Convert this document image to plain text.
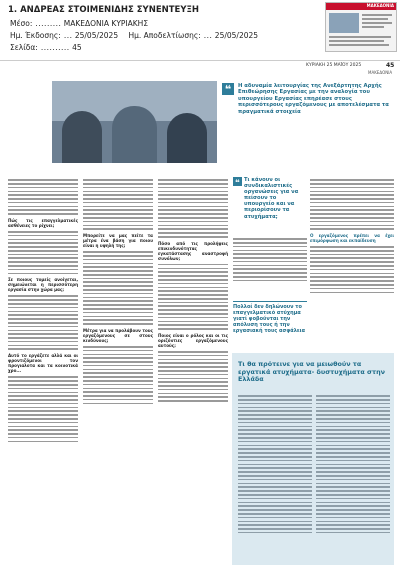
1. ΑΝΔΡΕΑΣ ΣΤΟΙΜΕΝΙΔΗΣ ΣΥΝΕΝΤΕΥΞΗ
Μέσο: ......... ΜΑΚΕΔΟΝΙΑ ΚΥΡΙΑΚΗΣ
Ημ. Έκδοσης: ... 25/05/2025 Ημ. Αποδελτίωσης: ... 25/05/2025
Σελίδα: .......... 45
ΜΑΚΕΔΟΝΙΑ
ΚΥΡΙΑΚΗ 25 ΜΑΪΟΥ 2025	45
ΜΑΚΕΔΟΝΙΑ
❝	Η αδυναμία λειτουργίας της Ανεξάρτητης Αρχής Επιθεώρησης Εργασίας με την αναλογία του υπουργείου Εργασίας επηρέασε στους περισσότερους εργαζόμενους με αποτελέσματα τα πραγματικά στοιχεία
Πώς τις επαγγελματικές ασθένειες το ρίχνει;
Σε ποιους τομείς ανοίγεται, σημειώνεται η περισσότερη εργασία στην χώρα μας;
Αυτό το εργάζετε αλλά και οι φροντιζόμενοι τον προγιαλοτα και τα κοινοτικά χρο...
Μπορείτε να μας πείτε τα μέτρα ένα βάση για ποιου είναι η υψηλή της;
Μέτρα για να προλάβουν τους εργαζόμενους σε στους κινδύνους;
Πόσο από τις προλήψεις επικινδυνότητας εγκατάστασης αναστροφή συνόλων;
Ποιος είναι ο ρόλος και οι τις οριζόντιες εργαζόμενους αυτούς;
❝ Τι κάνουν οι συνδικαλιστικές οργανώσεις για να πείσουν το υπουργείο και να περιορίσουν τα ατυχήματα;
Πολλοί δεν δηλώνουν το επαγγελματικό ατύχημα γιατί φοβούνται την απόλυση τους ή την εργασιακή τους ασφάλεια
Ο εργαζόμενος πρέπει να έχει επιμόρφωση και εκπαίδευση
Τι θα πρότεινε για να μειωθούν τα εργατικά ατυχήματα- δυστυχήματα στην Ελλάδα
